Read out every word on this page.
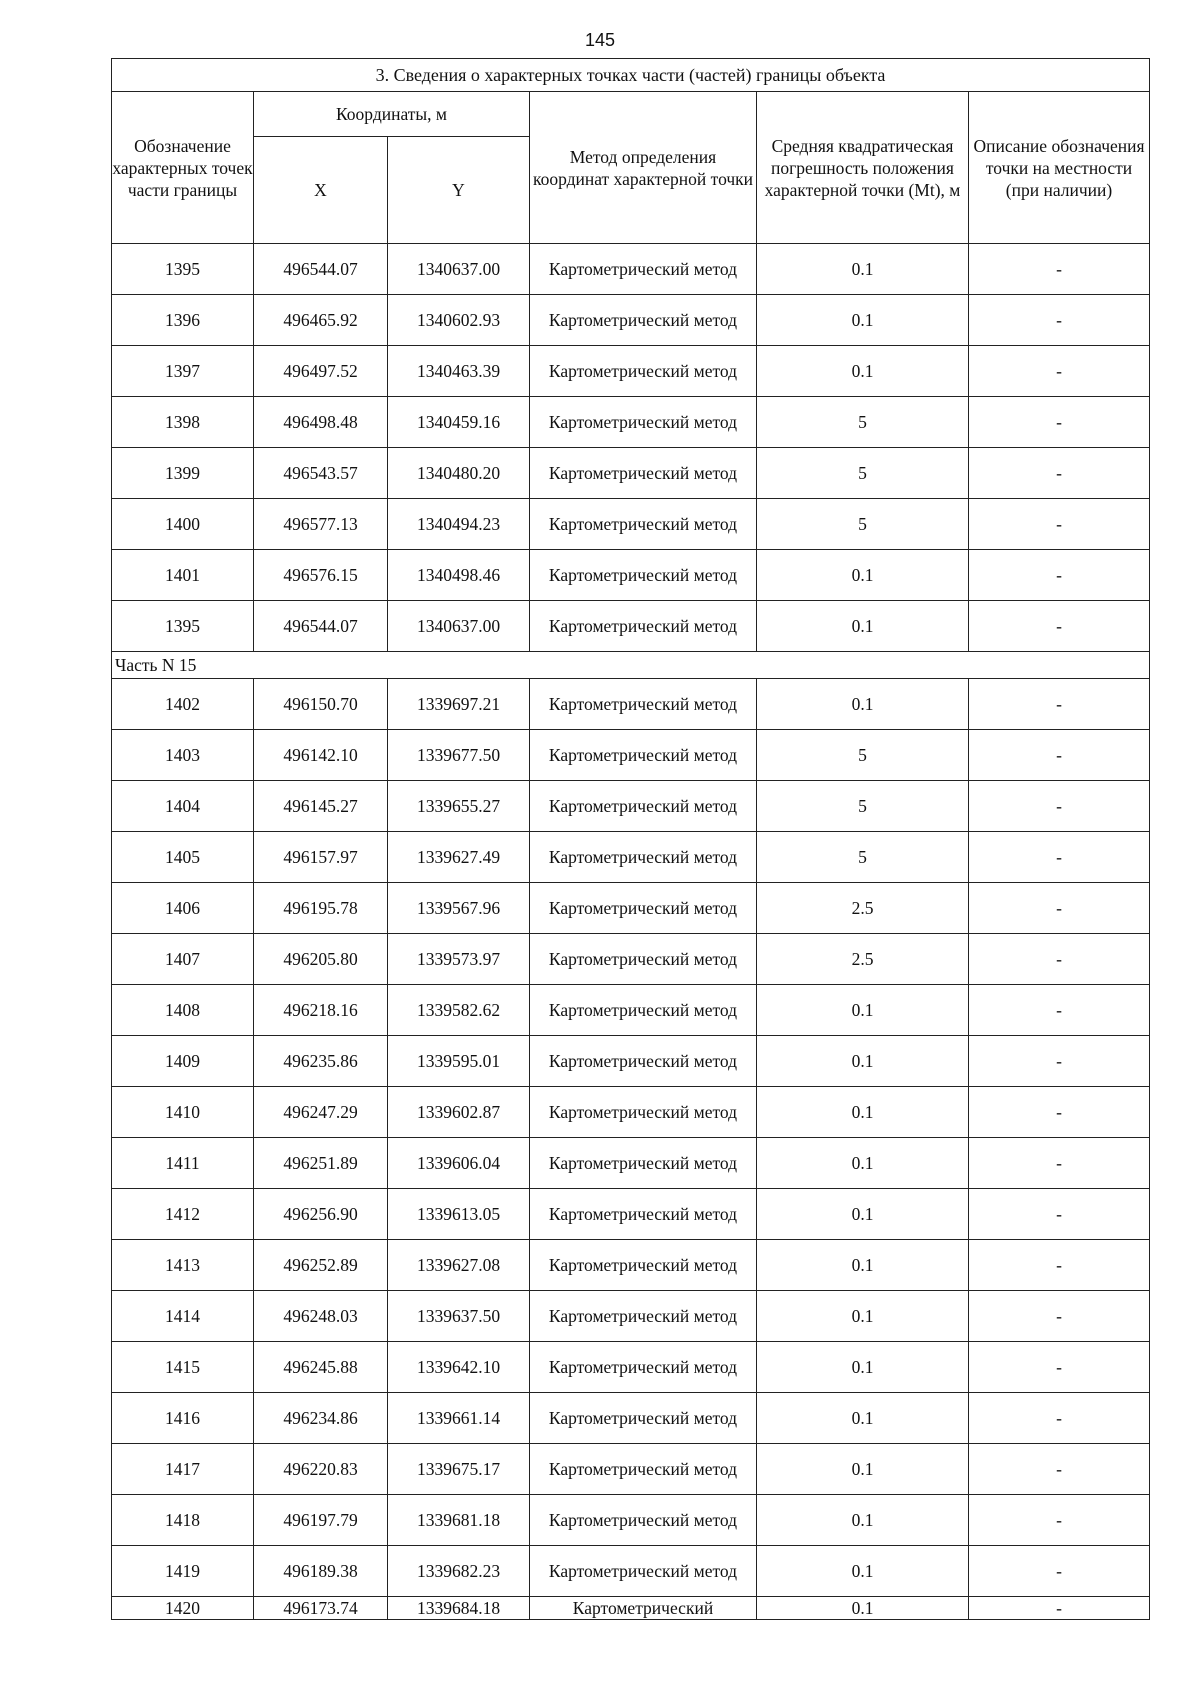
145
3. Сведения о характерных точках части (частей) границы объекта					
Обозначение характерных точек части границы	Координаты, м		Метод определения координат характерной точки	Средняя квадратическая погрешность положения характерной точки (Mt), м	Описание обозначения точки на местности (при наличии)
	X	Y			
1395	496544.07	1340637.00	Картометрический метод	0.1	-
1396	496465.92	1340602.93	Картометрический метод	0.1	-
1397	496497.52	1340463.39	Картометрический метод	0.1	-
1398	496498.48	1340459.16	Картометрический метод	5	-
1399	496543.57	1340480.20	Картометрический метод	5	-
1400	496577.13	1340494.23	Картометрический метод	5	-
1401	496576.15	1340498.46	Картометрический метод	0.1	-
1395	496544.07	1340637.00	Картометрический метод	0.1	-
Часть N 15					
1402	496150.70	1339697.21	Картометрический метод	0.1	-
1403	496142.10	1339677.50	Картометрический метод	5	-
1404	496145.27	1339655.27	Картометрический метод	5	-
1405	496157.97	1339627.49	Картометрический метод	5	-
1406	496195.78	1339567.96	Картометрический метод	2.5	-
1407	496205.80	1339573.97	Картометрический метод	2.5	-
1408	496218.16	1339582.62	Картометрический метод	0.1	-
1409	496235.86	1339595.01	Картометрический метод	0.1	-
1410	496247.29	1339602.87	Картометрический метод	0.1	-
1411	496251.89	1339606.04	Картометрический метод	0.1	-
1412	496256.90	1339613.05	Картометрический метод	0.1	-
1413	496252.89	1339627.08	Картометрический метод	0.1	-
1414	496248.03	1339637.50	Картометрический метод	0.1	-
1415	496245.88	1339642.10	Картометрический метод	0.1	-
1416	496234.86	1339661.14	Картометрический метод	0.1	-
1417	496220.83	1339675.17	Картометрический метод	0.1	-
1418	496197.79	1339681.18	Картометрический метод	0.1	-
1419	496189.38	1339682.23	Картометрический метод	0.1	-
1420	496173.74	1339684.18	Картометрический	0.1	-
